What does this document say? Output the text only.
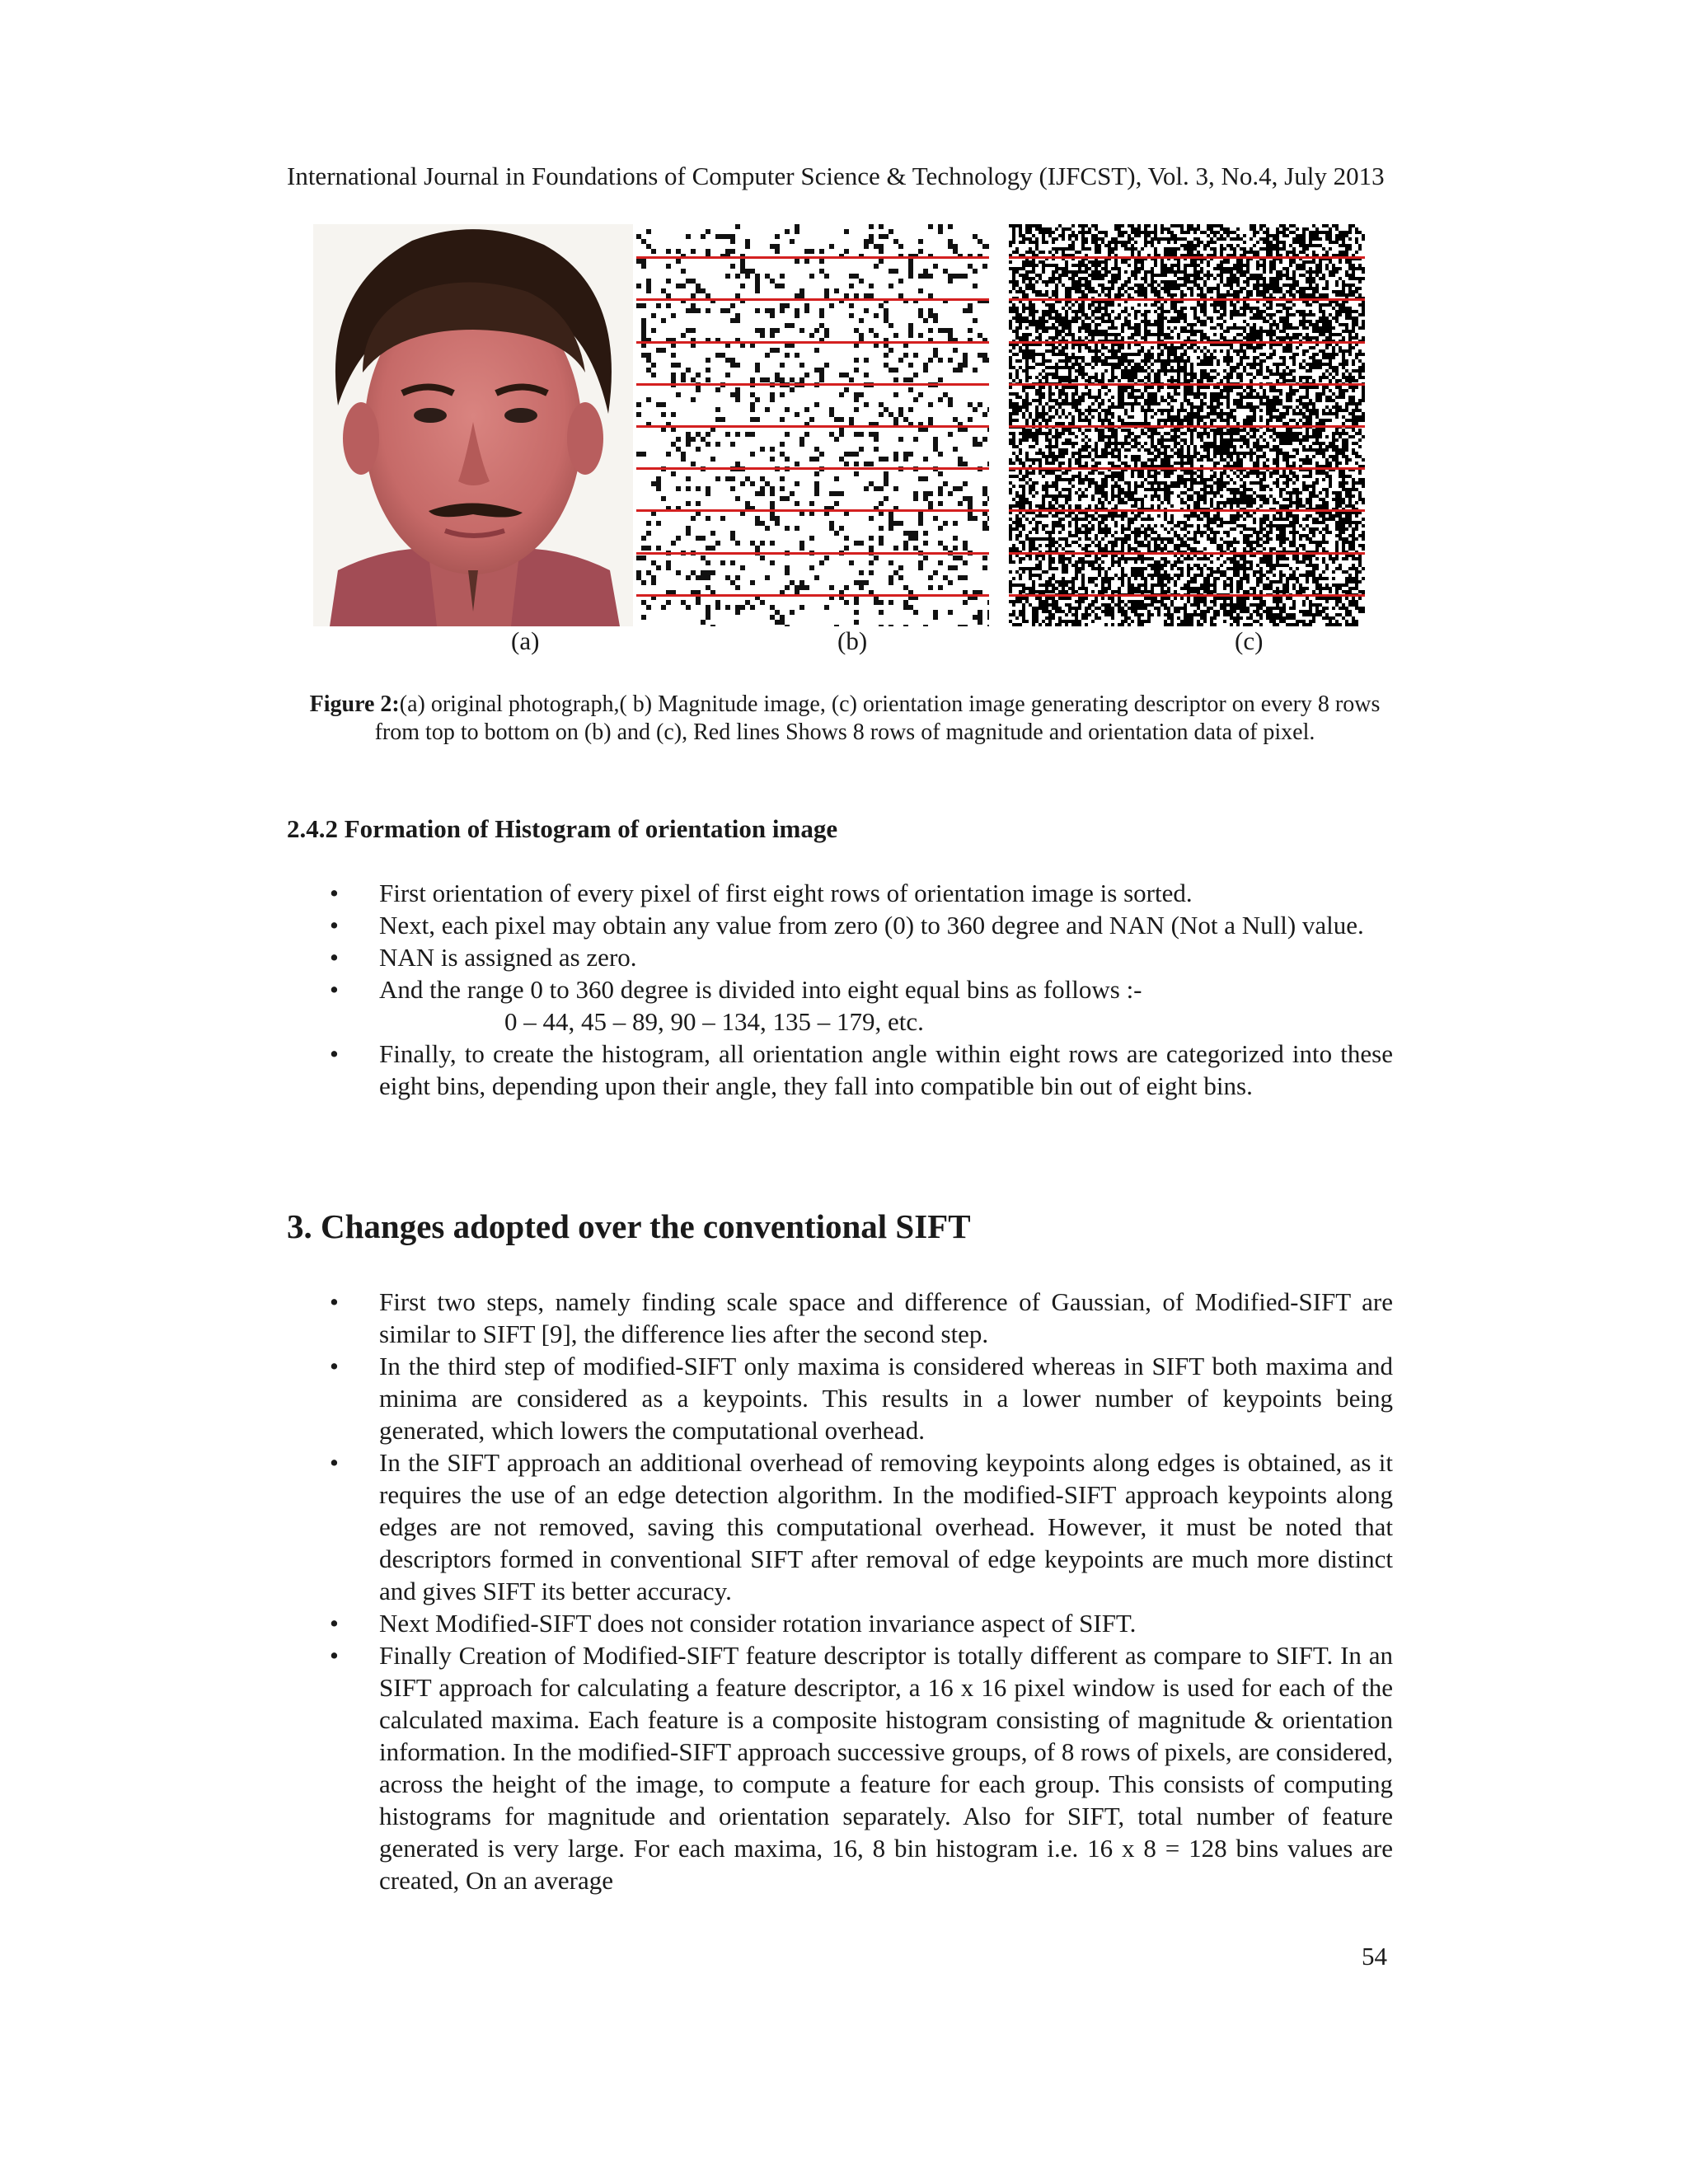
International Journal in Foundations of Computer Science & Technology (IJFCST), Vol. 3, No.4, July 2013
(a)	(b)	(c)
Figure 2:(a) original photograph,( b) Magnitude image, (c) orientation image generating descriptor on every 8 rows from top to bottom on (b) and (c), Red lines Shows 8 rows of magnitude and orientation data of pixel.
2.4.2 Formation of Histogram of orientation image
• First orientation of every pixel of first eight rows of orientation image is sorted.
• Next, each pixel may obtain any value from zero (0) to 360 degree and NAN (Not a Null) value.
• NAN is assigned as zero.
• And the range 0 to 360 degree is divided into eight equal bins as follows :-
0 – 44, 45 – 89, 90 – 134, 135 – 179, etc.
• Finally, to create the histogram, all orientation angle within eight rows are categorized into these eight bins, depending upon their angle, they fall into compatible bin out of eight bins.
3. Changes adopted over the conventional SIFT
• First two steps, namely finding scale space and difference of Gaussian, of Modified-SIFT are similar to SIFT [9], the difference lies after the second step.
• In the third step of modified-SIFT only maxima is considered whereas in SIFT both maxima and minima are considered as a keypoints. This results in a lower number of keypoints being generated, which lowers the computational overhead.
• In the SIFT approach an additional overhead of removing keypoints along edges is obtained, as it requires the use of an edge detection algorithm. In the modified-SIFT approach keypoints along edges are not removed, saving this computational overhead. However, it must be noted that descriptors formed in conventional SIFT after removal of edge keypoints are much more distinct and gives SIFT its better accuracy.
• Next Modified-SIFT does not consider rotation invariance aspect of SIFT.
• Finally Creation of Modified-SIFT feature descriptor is totally different as compare to SIFT. In an SIFT approach for calculating a feature descriptor, a 16 x 16 pixel window is used for each of the calculated maxima. Each feature is a composite histogram consisting of magnitude & orientation information. In the modified-SIFT approach successive groups, of 8 rows of pixels, are considered, across the height of the image, to compute a feature for each group. This consists of computing histograms for magnitude and orientation separately. Also for SIFT, total number of feature generated is very large. For each maxima, 16, 8 bin histogram i.e. 16 x 8 = 128 bins values are created, On an average
54
